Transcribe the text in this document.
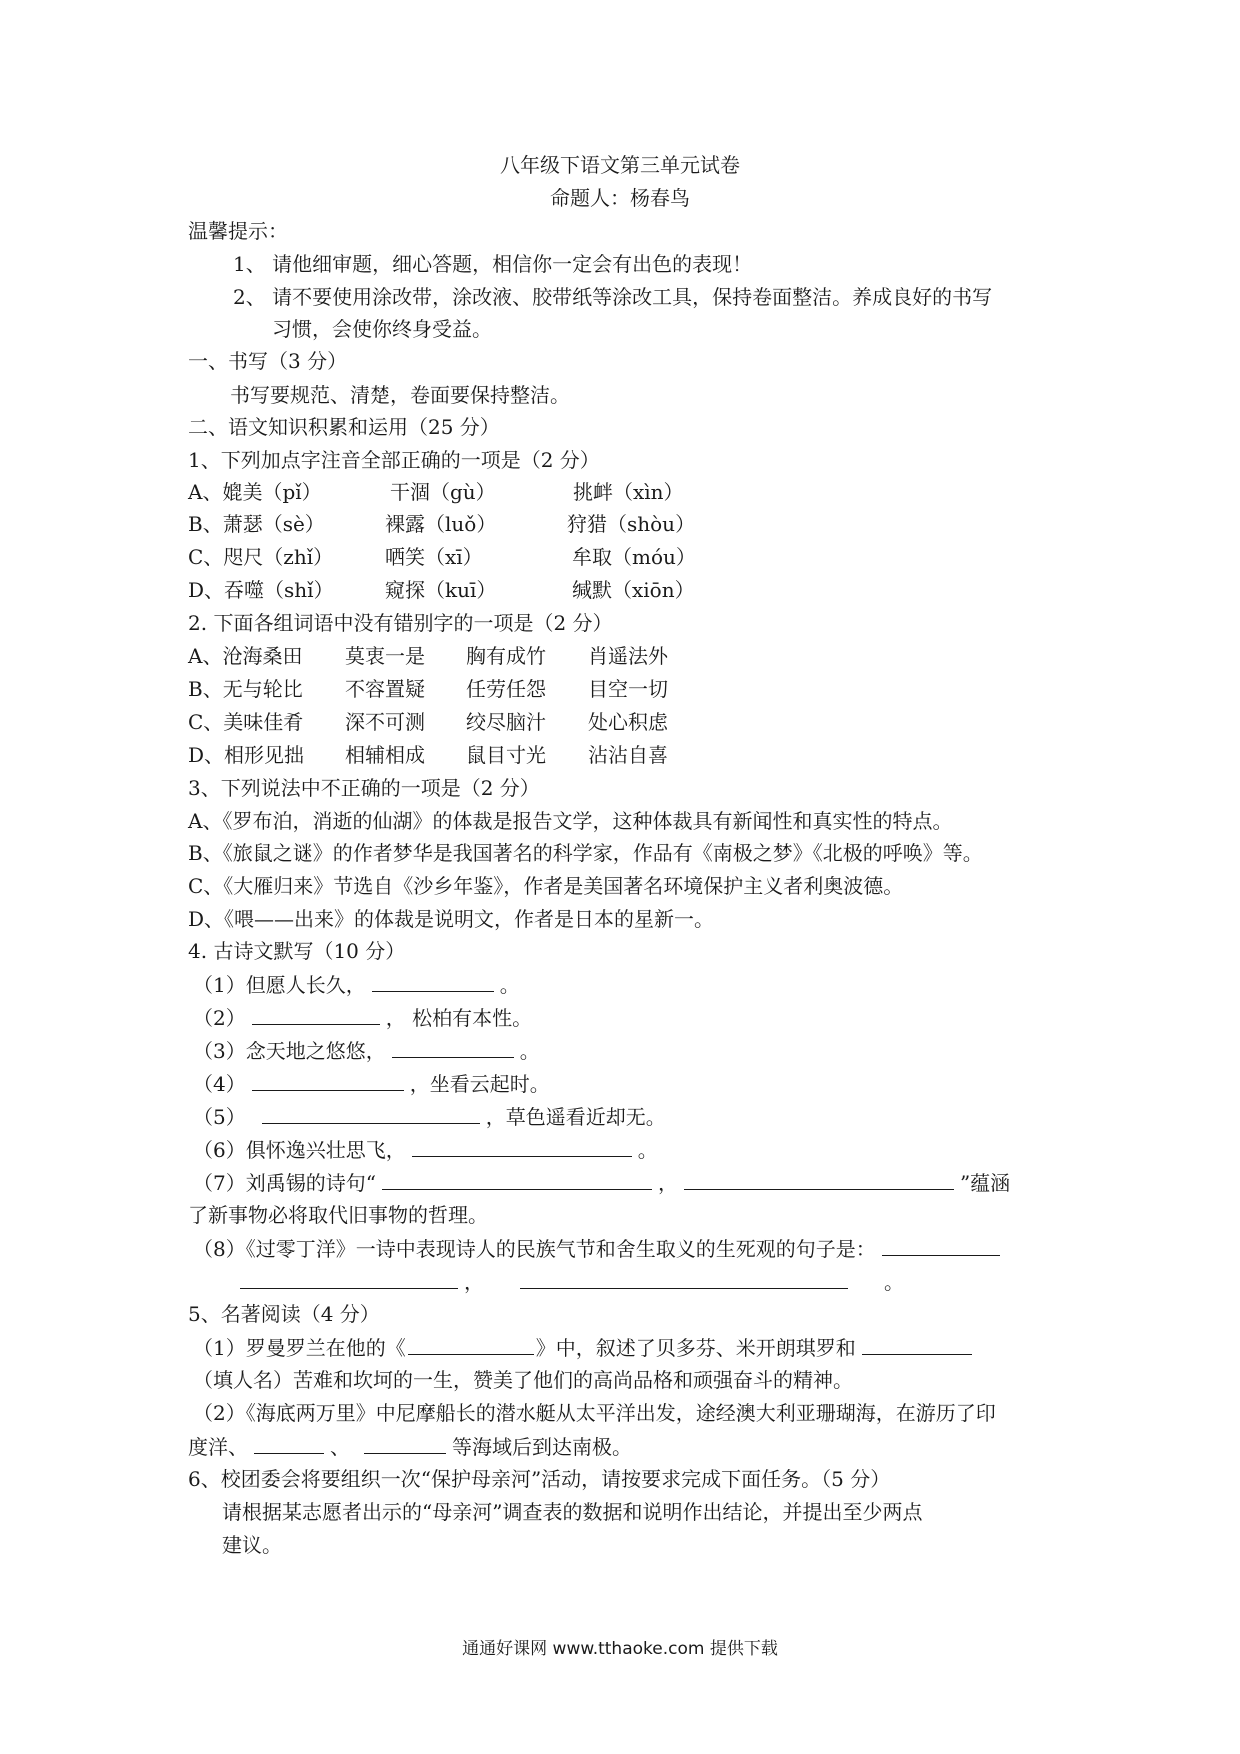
八年级下语文第三单元试卷
命题人：杨春鸟
温馨提示：
1、 请他细审题，细心答题，相信你一定会有出色的表现！
2、 请不要使用涂改带，涂改液、胶带纸等涂改工具，保持卷面整洁。养成良好的书写
习惯，会使你终身受益。
一、书写（3 分）
书写要规范、清楚，卷面要保持整洁。
二、语文知识积累和运用（25 分）
1、下列加点字注音全部正确的一项是（2 分）
A、媲美（pǐ）	干涸（gù）	挑衅（xìn）
B、萧瑟（sè）	裸露（luǒ）	狩猎（shòu）
C、咫尺（zhǐ）	哂笑（xī）	牟取（móu）
D、吞噬（shǐ）	窥探（kuī）	缄默（xiōn）
2. 下面各组词语中没有错别字的一项是（2 分）
A、沧海桑田 莫衷一是 胸有成竹 肖遥法外
B、无与轮比 不容置疑 任劳任怨 目空一切
C、美味佳肴 深不可测 绞尽脑汁 处心积虑
D、相形见拙 相辅相成 鼠目寸光 沾沾自喜
3、下列说法中不正确的一项是（2 分）
A、《罗布泊，消逝的仙湖》的体裁是报告文学，这种体裁具有新闻性和真实性的特点。
B、《旅鼠之谜》的作者梦华是我国著名的科学家，作品有《南极之梦》《北极的呼唤》等。
C、《大雁归来》节选自《沙乡年鉴》，作者是美国著名环境保护主义者利奥波德。
D、《喂——出来》的体裁是说明文，作者是日本的星新一。
4. 古诗文默写（10 分）
（1）但愿人长久，	。
（2）	， 松柏有本性。
（3）念天地之悠悠，	。
（4）	，坐看云起时。
（5）	，草色遥看近却无。
（6）俱怀逸兴壮思飞，	。
（7）刘禹锡的诗句“	，	”蕴涵
了新事物必将取代旧事物的哲理。
（8）《过零丁洋》一诗中表现诗人的民族气节和舍生取义的生死观的句子是：
，	。
5、名著阅读（4 分）
（1）罗曼罗兰在他的《	》中，叙述了贝多芬、米开朗琪罗和
（填人名）苦难和坎坷的一生，赞美了他们的高尚品格和顽强奋斗的精神。
（2）《海底两万里》中尼摩船长的潜水艇从太平洋出发，途经澳大利亚珊瑚海，在游历了印
度洋、	、	等海域后到达南极。
6、校团委会将要组织一次“保护母亲河”活动，请按要求完成下面任务。（5 分）
请根据某志愿者出示的“母亲河”调查表的数据和说明作出结论，并提出至少两点
建议。
通通好课网 www.tthaoke.com 提供下载
